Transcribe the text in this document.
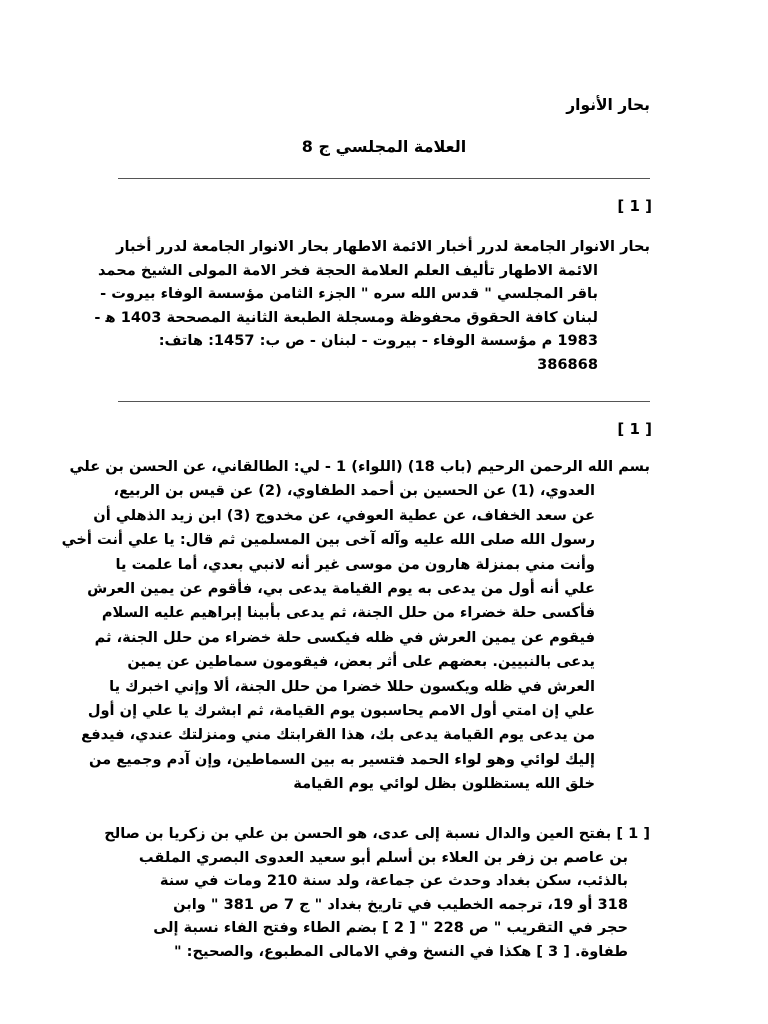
بحار الأنوار
العلامة المجلسي ج 8
[ 1 ]
بحار الانوار الجامعة لدرر أخبار الائمة الاطهار بحار الانوار الجامعة لدرر أخبار
الائمة الاطهار تأليف العلم العلامة الحجة فخر الامة المولى الشيخ محمد
باقر المجلسي " قدس الله سره " الجزء الثامن مؤسسة الوفاء بيروت -
لبنان كافة الحقوق محفوظة ومسجلة الطبعة الثانية المصححة 1403 ه‍ -
1983 م مؤسسة الوفاء - بيروت - لبنان - ص ب: 1457: هاتف:
386868
[ 1 ]
بسم الله الرحمن الرحيم (باب 18) (اللواء) 1 - لي: الطالقاني، عن الحسن بن علي
العدوي، (1) عن الحسين بن أحمد الطفاوي، (2) عن قيس بن الربيع،
عن سعد الخفاف، عن عطية العوفي، عن مخدوج (3) ابن زيد الذهلي أن
رسول الله صلى الله عليه وآله آخى بين المسلمين ثم قال: يا علي أنت أخي
وأنت مني بمنزلة هارون من موسى غير أنه لانبي بعدي، أما علمت يا
علي أنه أول من يدعى به يوم القيامة يدعى بي، فأقوم عن يمين العرش
فأكسى حلة خضراء من حلل الجنة، ثم يدعى بأبينا إبراهيم عليه السلام
فيقوم عن يمين العرش في ظله فيكسى حلة خضراء من حلل الجنة، ثم
يدعى بالنبيين. بعضهم على أثر بعض، فيقومون سماطين عن يمين
العرش في ظله ويكسون حللا خضرا من حلل الجنة، ألا وإني اخبرك يا
علي إن امتي أول الامم يحاسبون يوم القيامة، ثم ابشرك يا علي إن أول
من يدعى يوم القيامة يدعى بك، هذا القرابتك مني ومنزلتك عندي، فيدفع
إليك لوائي وهو لواء الحمد فتسير به بين السماطين، وإن آدم وجميع من
خلق الله يستظلون بظل لوائي يوم القيامة
[ 1 ] بفتح العين والدال نسبة إلى عدى، هو الحسن بن علي بن زكريا بن صالح
بن عاصم بن زفر بن العلاء بن أسلم أبو سعيد العدوى البصري الملقب
بالذئب، سكن بغداد وحدث عن جماعة، ولد سنة 210 ومات في سنة
318 أو 19، ترجمه الخطيب في تاريخ بغداد " ج 7 ص 381 " وابن
حجر في التقريب " ص 228 " [ 2 ] بضم الطاء وفتح الفاء نسبة إلى
طفاوة. [ 3 ] هكذا في النسخ وفي الامالى المطبوع، والصحيح: "
